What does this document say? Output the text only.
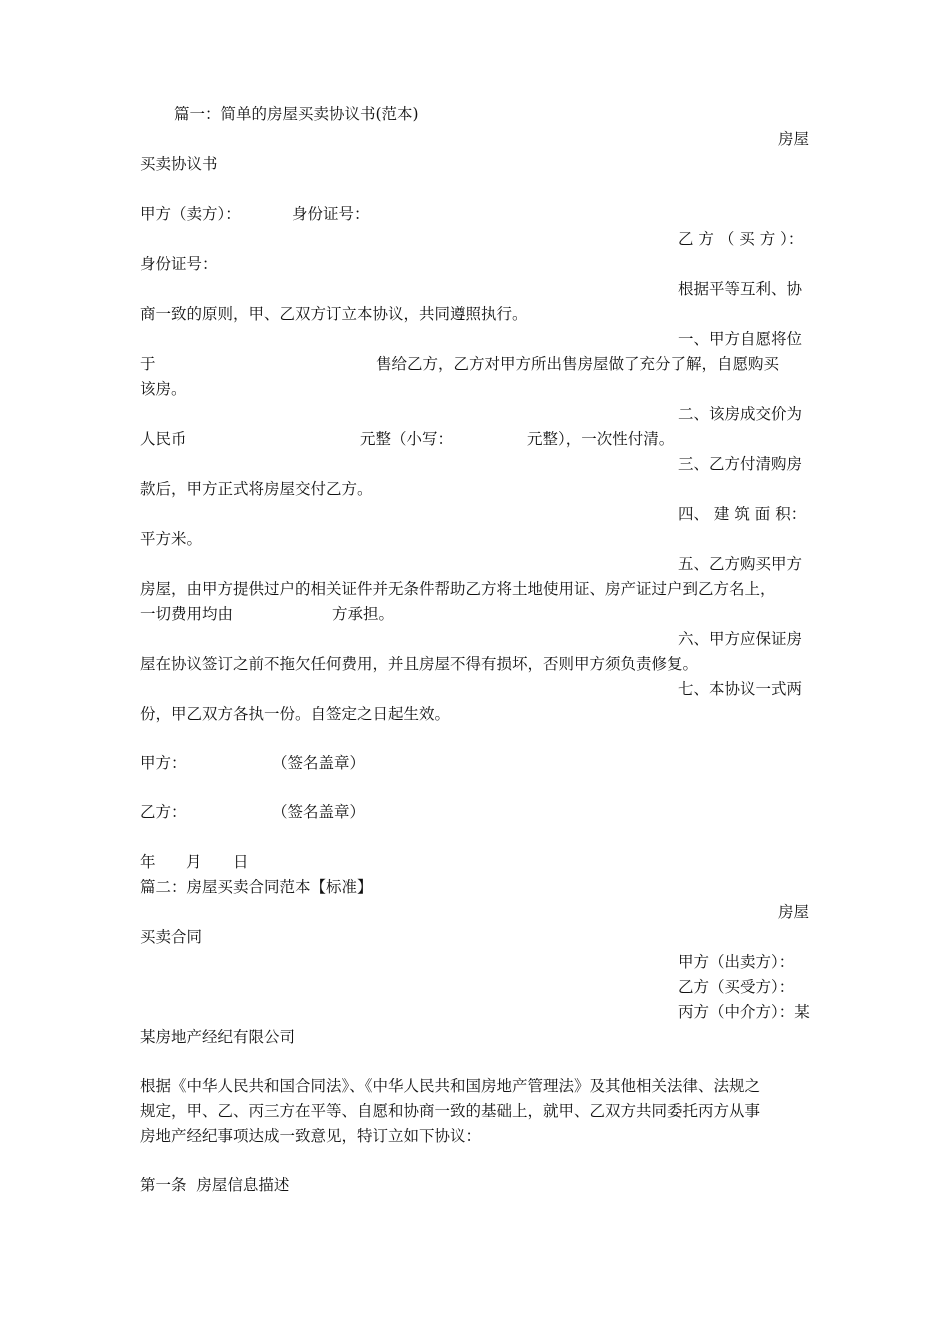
篇一：简单的房屋买卖协议书(范本)
房屋
买卖协议书
甲方（卖方）：	身份证号：
乙 方 （ 买 方 ）：
身份证号：
根据平等互利、协
商一致的原则，甲、乙双方订立本协议，共同遵照执行。
一、甲方自愿将位
于	售给乙方，乙方对甲方所出售房屋做了充分了解，自愿购买
该房。
二、该房成交价为
人民币	元整（小写：	元整），一次性付清。
三、乙方付清购房
款后，甲方正式将房屋交付乙方。
四、 建 筑 面 积：
平方米。
五、乙方购买甲方
房屋，由甲方提供过户的相关证件并无条件帮助乙方将土地使用证、房产证过户到乙方名上，
一切费用均由	方承担。
六、甲方应保证房
屋在协议签订之前不拖欠任何费用，并且房屋不得有损坏，否则甲方须负责修复。
七、本协议一式两
份，甲乙双方各执一份。自签定之日起生效。
甲方：	（签名盖章）
乙方：	（签名盖章）
年 月 日
篇二：房屋买卖合同范本【标准】
房屋
买卖合同
甲方（出卖方）：
乙方（买受方）：
丙方（中介方）：某
某房地产经纪有限公司
根据《中华人民共和国合同法》、《中华人民共和国房地产管理法》及其他相关法律、法规之
规定，甲、乙、丙三方在平等、自愿和协商一致的基础上，就甲、乙双方共同委托丙方从事
房地产经纪事项达成一致意见，特订立如下协议：
第一条  房屋信息描述
